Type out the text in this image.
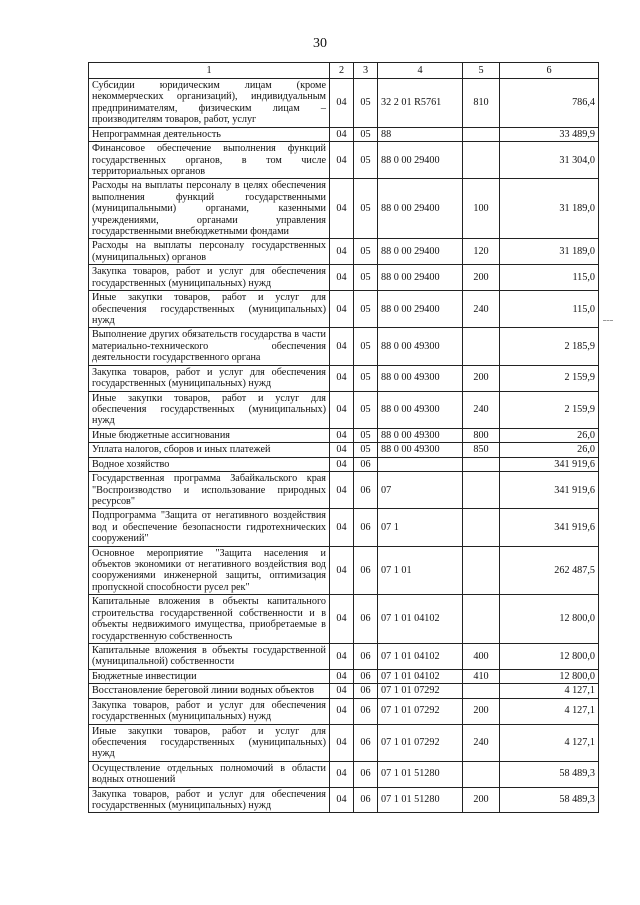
30
1	2	3	4	5	6
Субсидии юридическим лицам (кроме некоммерческих организаций), индивидуальным предпринимателям, физическим лицам – производителям товаров, работ, услуг	04	05	32 2 01 R5761	810	786,4
Непрограммная деятельность	04	05	88		33 489,9
Финансовое обеспечение выполнения функций государственных органов, в том числе территориальных органов	04	05	88 0 00 29400		31 304,0
Расходы на выплаты персоналу в целях обеспечения выполнения функций государственными (муниципальными) органами, казенными учреждениями, органами управления государственными внебюджетными фондами	04	05	88 0 00 29400	100	31 189,0
Расходы на выплаты персоналу государственных (муниципальных) органов	04	05	88 0 00 29400	120	31 189,0
Закупка товаров, работ и услуг для обеспечения государственных (муниципальных) нужд	04	05	88 0 00 29400	200	115,0
Иные закупки товаров, работ и услуг для обеспечения государственных (муниципальных) нужд	04	05	88 0 00 29400	240	115,0
Выполнение других обязательств государства в части материально-технического обеспечения деятельности государственного органа	04	05	88 0 00 49300		2 185,9
Закупка товаров, работ и услуг для обеспечения государственных (муниципальных) нужд	04	05	88 0 00 49300	200	2 159,9
Иные закупки товаров, работ и услуг для обеспечения государственных (муниципальных) нужд	04	05	88 0 00 49300	240	2 159,9
Иные бюджетные ассигнования	04	05	88 0 00 49300	800	26,0
Уплата налогов, сборов и иных платежей	04	05	88 0 00 49300	850	26,0
Водное хозяйство	04	06			341 919,6
Государственная программа Забайкальского края "Воспроизводство и использование природных ресурсов"	04	06	07		341 919,6
Подпрограмма "Защита от негативного воздействия вод и обеспечение безопасности гидротехнических сооружений"	04	06	07 1		341 919,6
Основное мероприятие "Защита населения и объектов экономики от негативного воздействия вод сооружениями инженерной защиты, оптимизация пропускной способности русел рек"	04	06	07 1 01		262 487,5
Капитальные вложения в объекты капитального строительства государственной собственности и в объекты недвижимого имущества, приобретаемые в государственную собственность	04	06	07 1 01 04102		12 800,0
Капитальные вложения в объекты государственной (муниципальной) собственности	04	06	07 1 01 04102	400	12 800,0
Бюджетные инвестиции	04	06	07 1 01 04102	410	12 800,0
Восстановление береговой линии водных объектов	04	06	07 1 01 07292		4 127,1
Закупка товаров, работ и услуг для обеспечения государственных (муниципальных) нужд	04	06	07 1 01 07292	200	4 127,1
Иные закупки товаров, работ и услуг для обеспечения государственных (муниципальных) нужд	04	06	07 1 01 07292	240	4 127,1
Осуществление отдельных полномочий в области водных отношений	04	06	07 1 01 51280		58 489,3
Закупка товаров, работ и услуг для обеспечения государственных (муниципальных) нужд	04	06	07 1 01 51280	200	58 489,3
